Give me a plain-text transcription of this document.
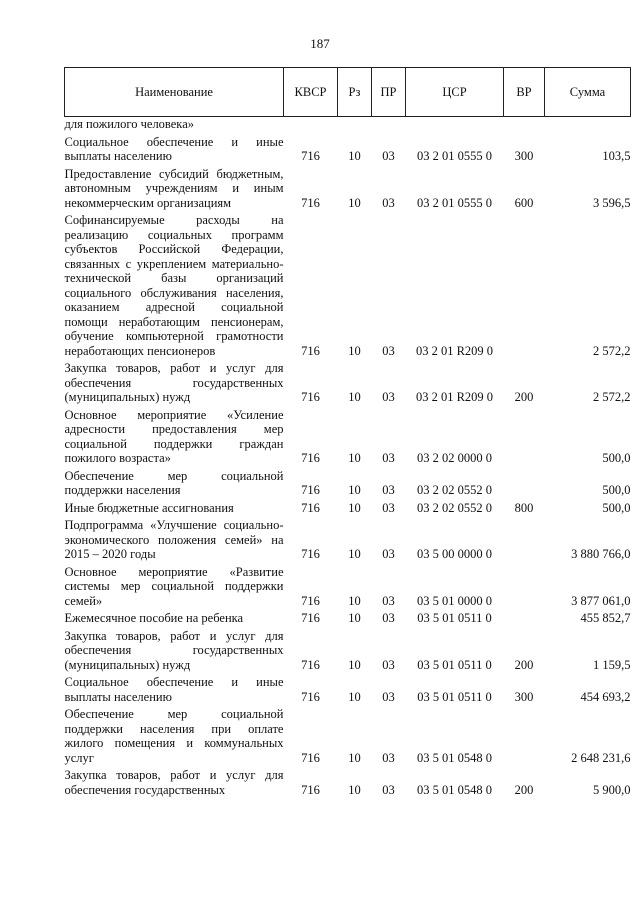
187
Наименование	КВСР	Рз	ПР	ЦСР	ВР	Сумма
для пожилого человека»						
Социальное обеспечение и иные выплаты населению	716	10	03	03 2 01 0555 0	300	103,5
Предоставление субсидий бюджетным, автономным учреждениям и иным некоммерческим организациям	716	10	03	03 2 01 0555 0	600	3 596,5
Софинансируемые расходы на реализацию социальных программ субъектов Российской Федерации, связанных с укреплением материально-технической базы организаций социального обслуживания населения, оказанием адресной социальной помощи неработающим пенсионерам, обучение компьютерной грамотности неработающих пенсионеров	716	10	03	03 2 01 R209 0		2 572,2
Закупка товаров, работ и услуг для обеспечения государственных (муниципальных) нужд	716	10	03	03 2 01 R209 0	200	2 572,2
Основное мероприятие «Усиление адресности предоставления мер социальной поддержки граждан пожилого возраста»	716	10	03	03 2 02 0000 0		500,0
Обеспечение мер социальной поддержки населения	716	10	03	03 2 02 0552 0		500,0
Иные бюджетные ассигнования	716	10	03	03 2 02 0552 0	800	500,0
Подпрограмма «Улучшение социально-экономического положения семей» на 2015 – 2020 годы	716	10	03	03 5 00 0000 0		3 880 766,0
Основное мероприятие «Развитие системы мер социальной поддержки семей»	716	10	03	03 5 01 0000 0		3 877 061,0
Ежемесячное пособие на ребенка	716	10	03	03 5 01 0511 0		455 852,7
Закупка товаров, работ и услуг для обеспечения государственных (муниципальных) нужд	716	10	03	03 5 01 0511 0	200	1 159,5
Социальное обеспечение и иные выплаты населению	716	10	03	03 5 01 0511 0	300	454 693,2
Обеспечение мер социальной поддержки населения при оплате жилого помещения и коммунальных услуг	716	10	03	03 5 01 0548 0		2 648 231,6
Закупка товаров, работ и услуг для обеспечения государственных	716	10	03	03 5 01 0548 0	200	5 900,0
